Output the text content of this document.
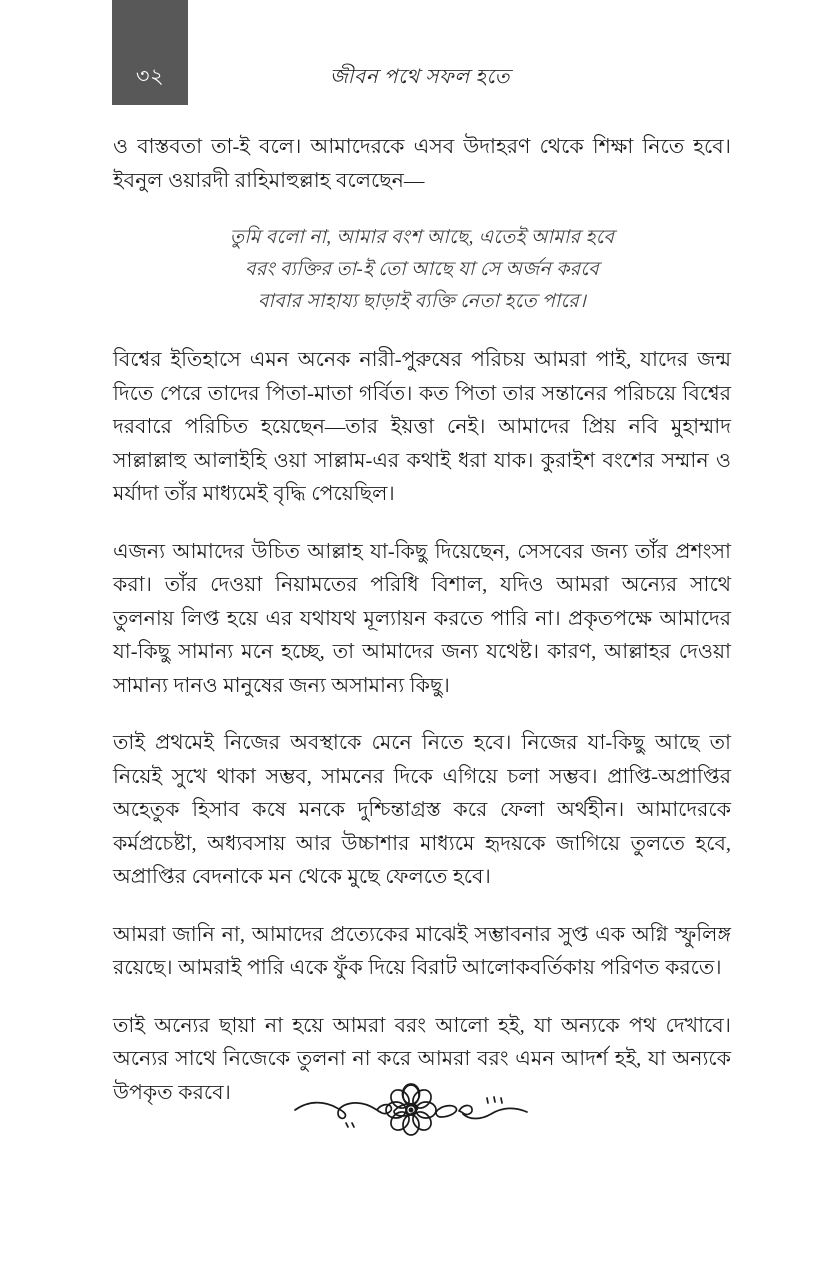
৩২	জীবন পথে সফল হতে

ও বাস্তবতা তা-ই বলে। আমাদেরকে এসব উদাহরণ থেকে শিক্ষা নিতে হবে। ইবনুল ওয়ারদী রাহিমাহুল্লাহ বলেছেন—

তুমি বলো না, আমার বংশ আছে, এতেই আমার হবে
বরং ব্যক্তির তা-ই তো আছে যা সে অর্জন করবে
বাবার সাহায্য ছাড়াই ব্যক্তি নেতা হতে পারে।

বিশ্বের ইতিহাসে এমন অনেক নারী-পুরুষের পরিচয় আমরা পাই, যাদের জন্ম দিতে পেরে তাদের পিতা-মাতা গর্বিত। কত পিতা তার সন্তানের পরিচয়ে বিশ্বের দরবারে পরিচিত হয়েছেন—তার ইয়ত্তা নেই। আমাদের প্রিয় নবি মুহাম্মাদ সাল্লাল্লাহু আলাইহি ওয়া সাল্লাম-এর কথাই ধরা যাক। কুরাইশ বংশের সম্মান ও মর্যাদা তাঁর মাধ্যমেই বৃদ্ধি পেয়েছিল।

এজন্য আমাদের উচিত আল্লাহ যা-কিছু দিয়েছেন, সেসবের জন্য তাঁর প্রশংসা করা। তাঁর দেওয়া নিয়ামতের পরিধি বিশাল, যদিও আমরা অন্যের সাথে তুলনায় লিপ্ত হয়ে এর যথাযথ মূল্যায়ন করতে পারি না। প্রকৃতপক্ষে আমাদের যা-কিছু সামান্য মনে হচ্ছে, তা আমাদের জন্য যথেষ্ট। কারণ, আল্লাহর দেওয়া সামান্য দানও মানুষের জন্য অসামান্য কিছু।

তাই প্রথমেই নিজের অবস্থাকে মেনে নিতে হবে। নিজের যা-কিছু আছে তা নিয়েই সুখে থাকা সম্ভব, সামনের দিকে এগিয়ে চলা সম্ভব। প্রাপ্তি-অপ্রাপ্তির অহেতুক হিসাব কষে মনকে দুশ্চিন্তাগ্রস্ত করে ফেলা অর্থহীন। আমাদেরকে কর্মপ্রচেষ্টা, অধ্যবসায় আর উচ্চাশার মাধ্যমে হৃদয়কে জাগিয়ে তুলতে হবে, অপ্রাপ্তির বেদনাকে মন থেকে মুছে ফেলতে হবে।

আমরা জানি না, আমাদের প্রত্যেকের মাঝেই সম্ভাবনার সুপ্ত এক অগ্নি স্ফুলিঙ্গ রয়েছে। আমরাই পারি একে ফুঁক দিয়ে বিরাট আলোকবর্তিকায় পরিণত করতে।

তাই অন্যের ছায়া না হয়ে আমরা বরং আলো হই, যা অন্যকে পথ দেখাবে। অন্যের সাথে নিজেকে তুলনা না করে আমরা বরং এমন আদর্শ হই, যা অন্যকে উপকৃত করবে।
